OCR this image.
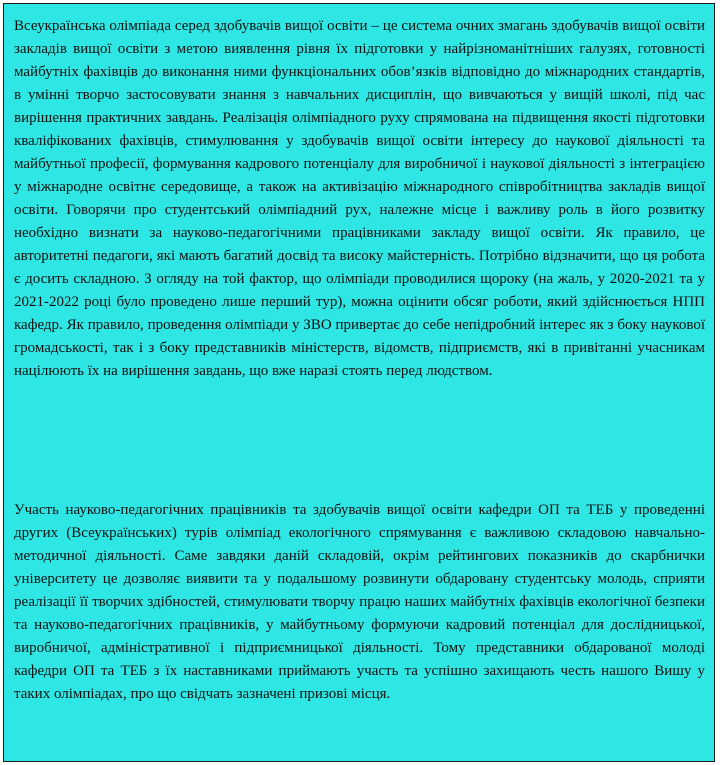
Всеукраїнська олімпіада серед здобувачів вищої освіти – це система очних змагань здобувачів вищої освіти закладів вищої освіти з метою виявлення рівня їх підготовки у найрізноманітніших галузях, готовності майбутніх фахівців до виконання ними функціональних обов’язків відповідно до міжнародних стандартів, в умінні творчо застосовувати знання з навчальних дисциплін, що вивчаються у вищій школі, під час вирішення практичних завдань. Реалізація олімпіадного руху спрямована на підвищення якості підготовки кваліфікованих фахівців, стимулювання у здобувачів вищої освіти інтересу до наукової діяльності та майбутньої професії, формування кадрового потенціалу для виробничої і наукової діяльності з інтеграцією у міжнародне освітнє середовище, а також на активізацію міжнародного співробітництва закладів вищої освіти. Говорячи про студентський олімпіадний рух, належне місце і важливу роль в його розвитку необхідно визнати за науково-педагогічними працівниками закладу вищої освіти. Як правило, це авторитетні педагоги, які мають багатий досвід та високу майстерність. Потрібно відзначити, що ця робота є досить складною. З огляду на той фактор, що олімпіади проводилися щороку (на жаль, у 2020-2021 та у 2021-2022 році було проведено лише перший тур), можна оцінити обсяг роботи, який здійснюється НПП кафедр. Як правило, проведення олімпіади у ЗВО привертає до себе непідробний інтерес як з боку наукової громадськості, так і з боку представників міністерств, відомств, підприємств, які в привітанні учасникам націлюють їх на вирішення завдань, що вже наразі стоять перед людством.

Участь науково-педагогічних працівників та здобувачів вищої освіти кафедри ОП та ТЕБ у проведенні других (Всеукраїнських) турів олімпіад екологічного спрямування є важливою складовою навчально-методичної діяльності. Саме завдяки даній складовій, окрім рейтингових показників до скарбнички університету це дозволяє виявити та у подальшому розвинути обдаровану студентську молодь, сприяти реалізації її творчих здібностей, стимулювати творчу працю наших майбутніх фахівців екологічної безпеки та науково-педагогічних працівників, у майбутньому формуючи кадровий потенціал для дослідницької, виробничої, адміністративної і підприємницької діяльності. Тому представники обдарованої молоді кафедри ОП та ТЕБ з їх наставниками приймають участь та успішно захищають честь нашого Вишу у таких олімпіадах, про що свідчать зазначені призові місця.
